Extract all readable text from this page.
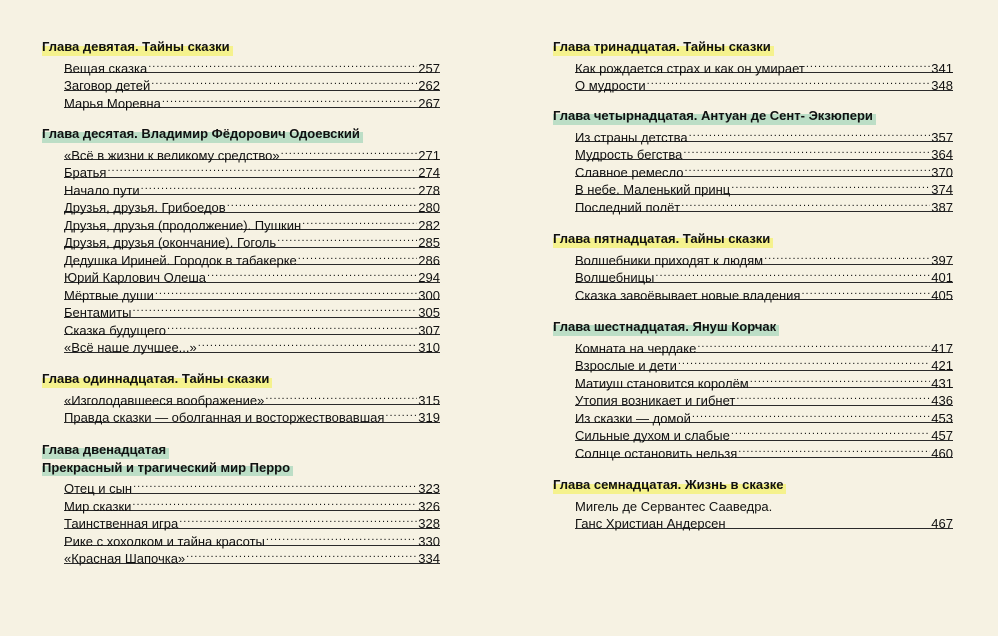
Глава девятая. Тайны сказки
Вещая сказка .....	257
Заговор детей .....	262
Марья Моревна .....	267
Глава десятая. Владимир Фёдорович Одоевский
«Всё в жизни к великому средство» .....	271
Братья .....	274
Начало пути .....	278
Друзья, друзья. Грибоедов .....	280
Друзья, друзья (продолжение). Пушкин .....	282
Друзья, друзья (окончание). Гоголь .....	285
Дедушка Ириней. Городок в табакерке .....	286
Юрий Карлович Олеша .....	294
Мёртвые души .....	300
Бентамиты .....	305
Сказка будущего .....	307
«Всё наше лучшее...» .....	310
Глава одиннадцатая. Тайны сказки
«Изголодавшееся воображение» .....	315
Правда сказки — оболганная и восторжествовавшая .....	319
Глава двенадцатая
Прекрасный и трагический мир Перро
Отец и сын .....	323
Мир сказки .....	326
Таинственная игра .....	328
Рике с хохолком и тайна красоты .....	330
«Красная Шапочка» .....	334
Глава тринадцатая. Тайны сказки
Как рождается страх и как он умирает .....	341
О мудрости .....	348
Глава четырнадцатая. Антуан де Сент- Экзюпери
Из страны детства .....	357
Мудрость бегства .....	364
Славное ремесло .....	370
В небе. Маленький принц .....	374
Последний полёт .....	387
Глава пятнадцатая. Тайны сказки
Волшебники приходят к людям .....	397
Волшебницы .....	401
Сказка завоёвывает новые владения .....	405
Глава шестнадцатая. Януш Корчак
Комната на чердаке .....	417
Взрослые и дети .....	421
Матиуш становится королём .....	431
Утопия возникает и гибнет .....	436
Из сказки — домой .....	453
Сильные духом и слабые .....	457
Солнце остановить нельзя .....	460
Глава семнадцатая. Жизнь в сказке
Мигель де Сервантес Сааведра.
Ганс Христиан Андерсен	467
